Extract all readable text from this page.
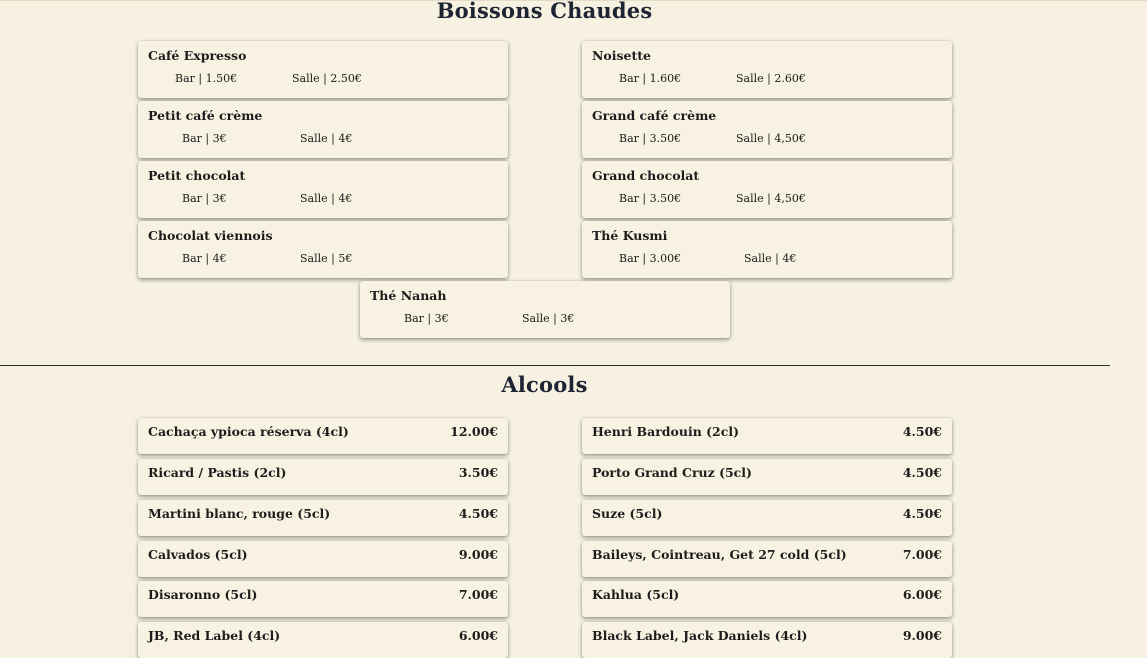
Boissons Chaudes
Café Expresso
Bar | 1.50€	Salle | 2.50€
Noisette
Bar | 1.60€	Salle | 2.60€
Petit café crème
Bar | 3€	Salle | 4€
Grand café crème
Bar | 3.50€	Salle | 4,50€
Petit chocolat
Bar | 3€	Salle | 4€
Grand chocolat
Bar | 3.50€	Salle | 4,50€
Chocolat viennois
Bar | 4€	Salle | 5€
Thé Kusmi
Bar | 3.00€	Salle | 4€
Thé Nanah
Bar | 3€	Salle | 3€
Alcools
Cachaça ypioca réserva (4cl)	12.00€	Henri Bardouin (2cl)	4.50€
Ricard / Pastis (2cl)	3.50€	Porto Grand Cruz (5cl)	4.50€
Martini blanc, rouge (5cl)	4.50€	Suze (5cl)	4.50€
Calvados (5cl)	9.00€	Baileys, Cointreau, Get 27 cold (5cl)	7.00€
Disaronno (5cl)	7.00€	Kahlua (5cl)	6.00€
JB, Red Label (4cl)	6.00€	Black Label, Jack Daniels (4cl)	9.00€
